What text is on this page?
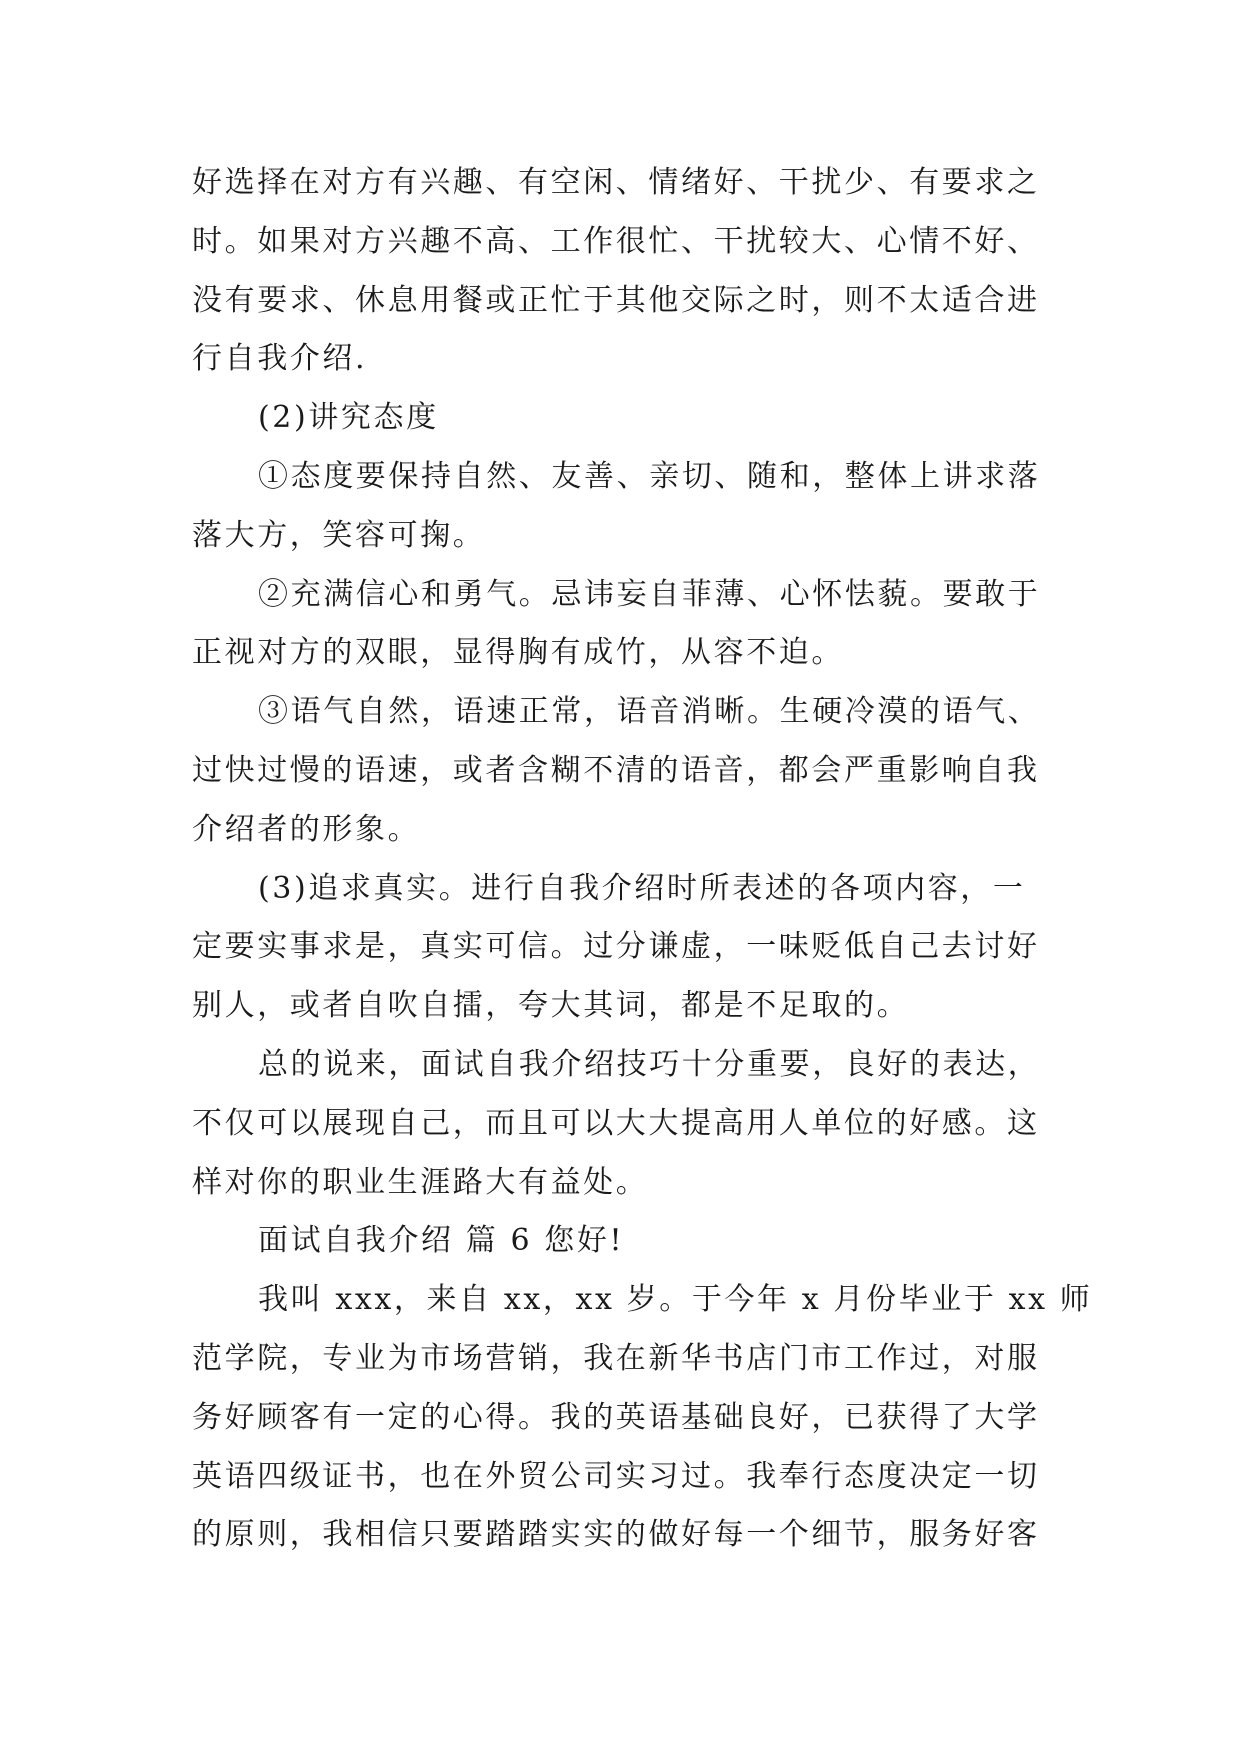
好选择在对方有兴趣、有空闲、情绪好、干扰少、有要求之
时。如果对方兴趣不高、工作很忙、干扰较大、心情不好、
没有要求、休息用餐或正忙于其他交际之时，则不太适合进
行自我介绍.
(2)讲究态度
①态度要保持自然、友善、亲切、随和，整体上讲求落
落大方，笑容可掬。
②充满信心和勇气。忌讳妄自菲薄、心怀怯藐。要敢于
正视对方的双眼，显得胸有成竹，从容不迫。
③语气自然，语速正常，语音消晰。生硬冷漠的语气、
过快过慢的语速，或者含糊不清的语音，都会严重影响自我
介绍者的形象。
(3)追求真实。进行自我介绍时所表述的各项内容，一
定要实事求是，真实可信。过分谦虚，一味贬低自己去讨好
别人，或者自吹自擂，夸大其词，都是不足取的。
总的说来，面试自我介绍技巧十分重要，良好的表达，
不仅可以展现自己，而且可以大大提高用人单位的好感。这
样对你的职业生涯路大有益处。
面试自我介绍 篇 6 您好!
我叫 xxx，来自 xx，xx 岁。于今年 x 月份毕业于 xx 师
范学院，专业为市场营销，我在新华书店门市工作过，对服
务好顾客有一定的心得。我的英语基础良好，已获得了大学
英语四级证书，也在外贸公司实习过。我奉行态度决定一切
的原则，我相信只要踏踏实实的做好每一个细节，服务好客
